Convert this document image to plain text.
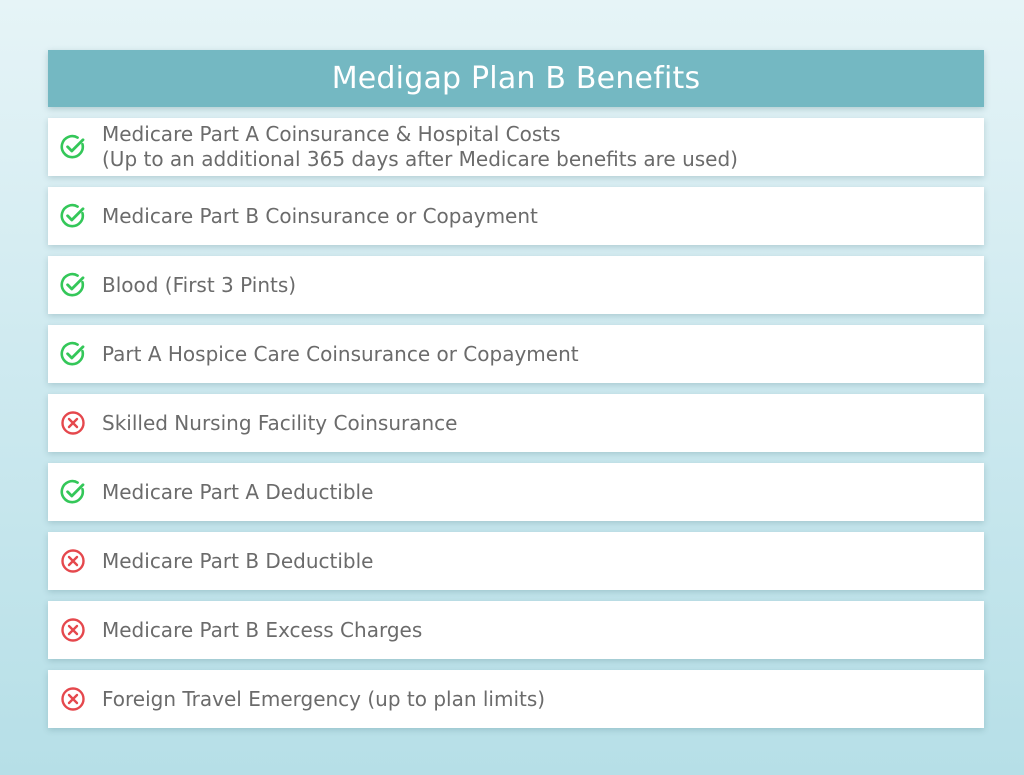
Medigap Plan B Benefits
Medicare Part A Coinsurance & Hospital Costs
(Up to an additional 365 days after Medicare benefits are used)
Medicare Part B Coinsurance or Copayment
Blood (First 3 Pints)
Part A Hospice Care Coinsurance or Copayment
Skilled Nursing Facility Coinsurance
Medicare Part A Deductible
Medicare Part B Deductible
Medicare Part B Excess Charges
Foreign Travel Emergency (up to plan limits)
